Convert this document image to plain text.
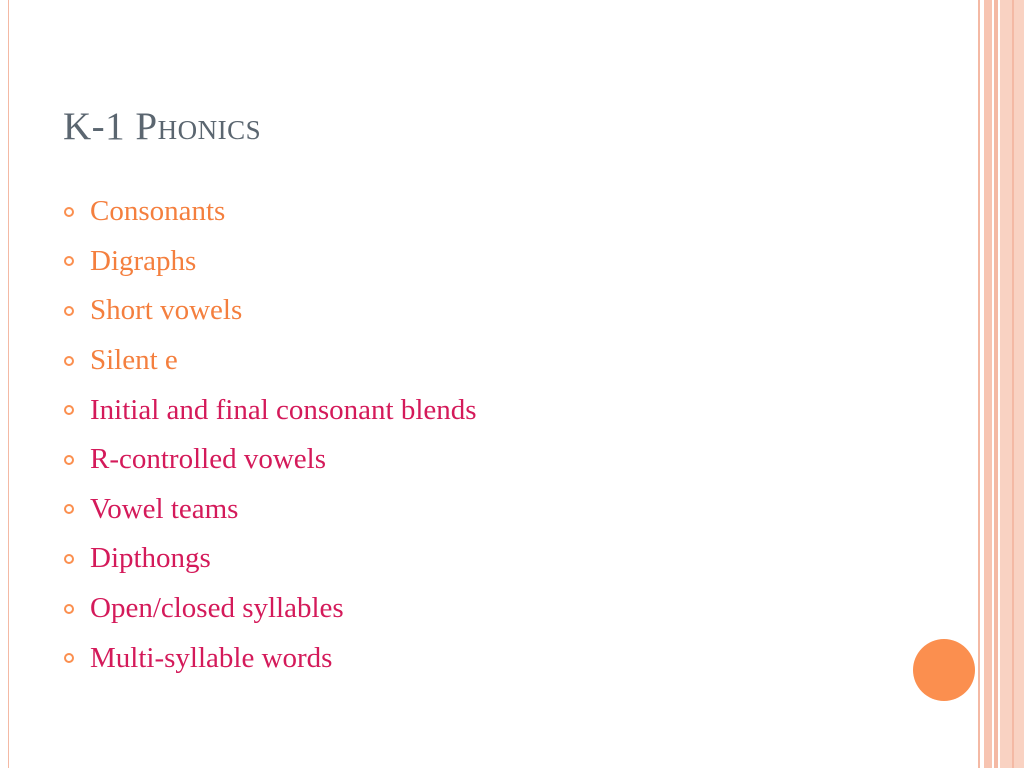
K-1 Phonics
Consonants
Digraphs
Short vowels
Silent e
Initial and final consonant blends
R-controlled vowels
Vowel teams
Dipthongs
Open/closed syllables
Multi-syllable words
